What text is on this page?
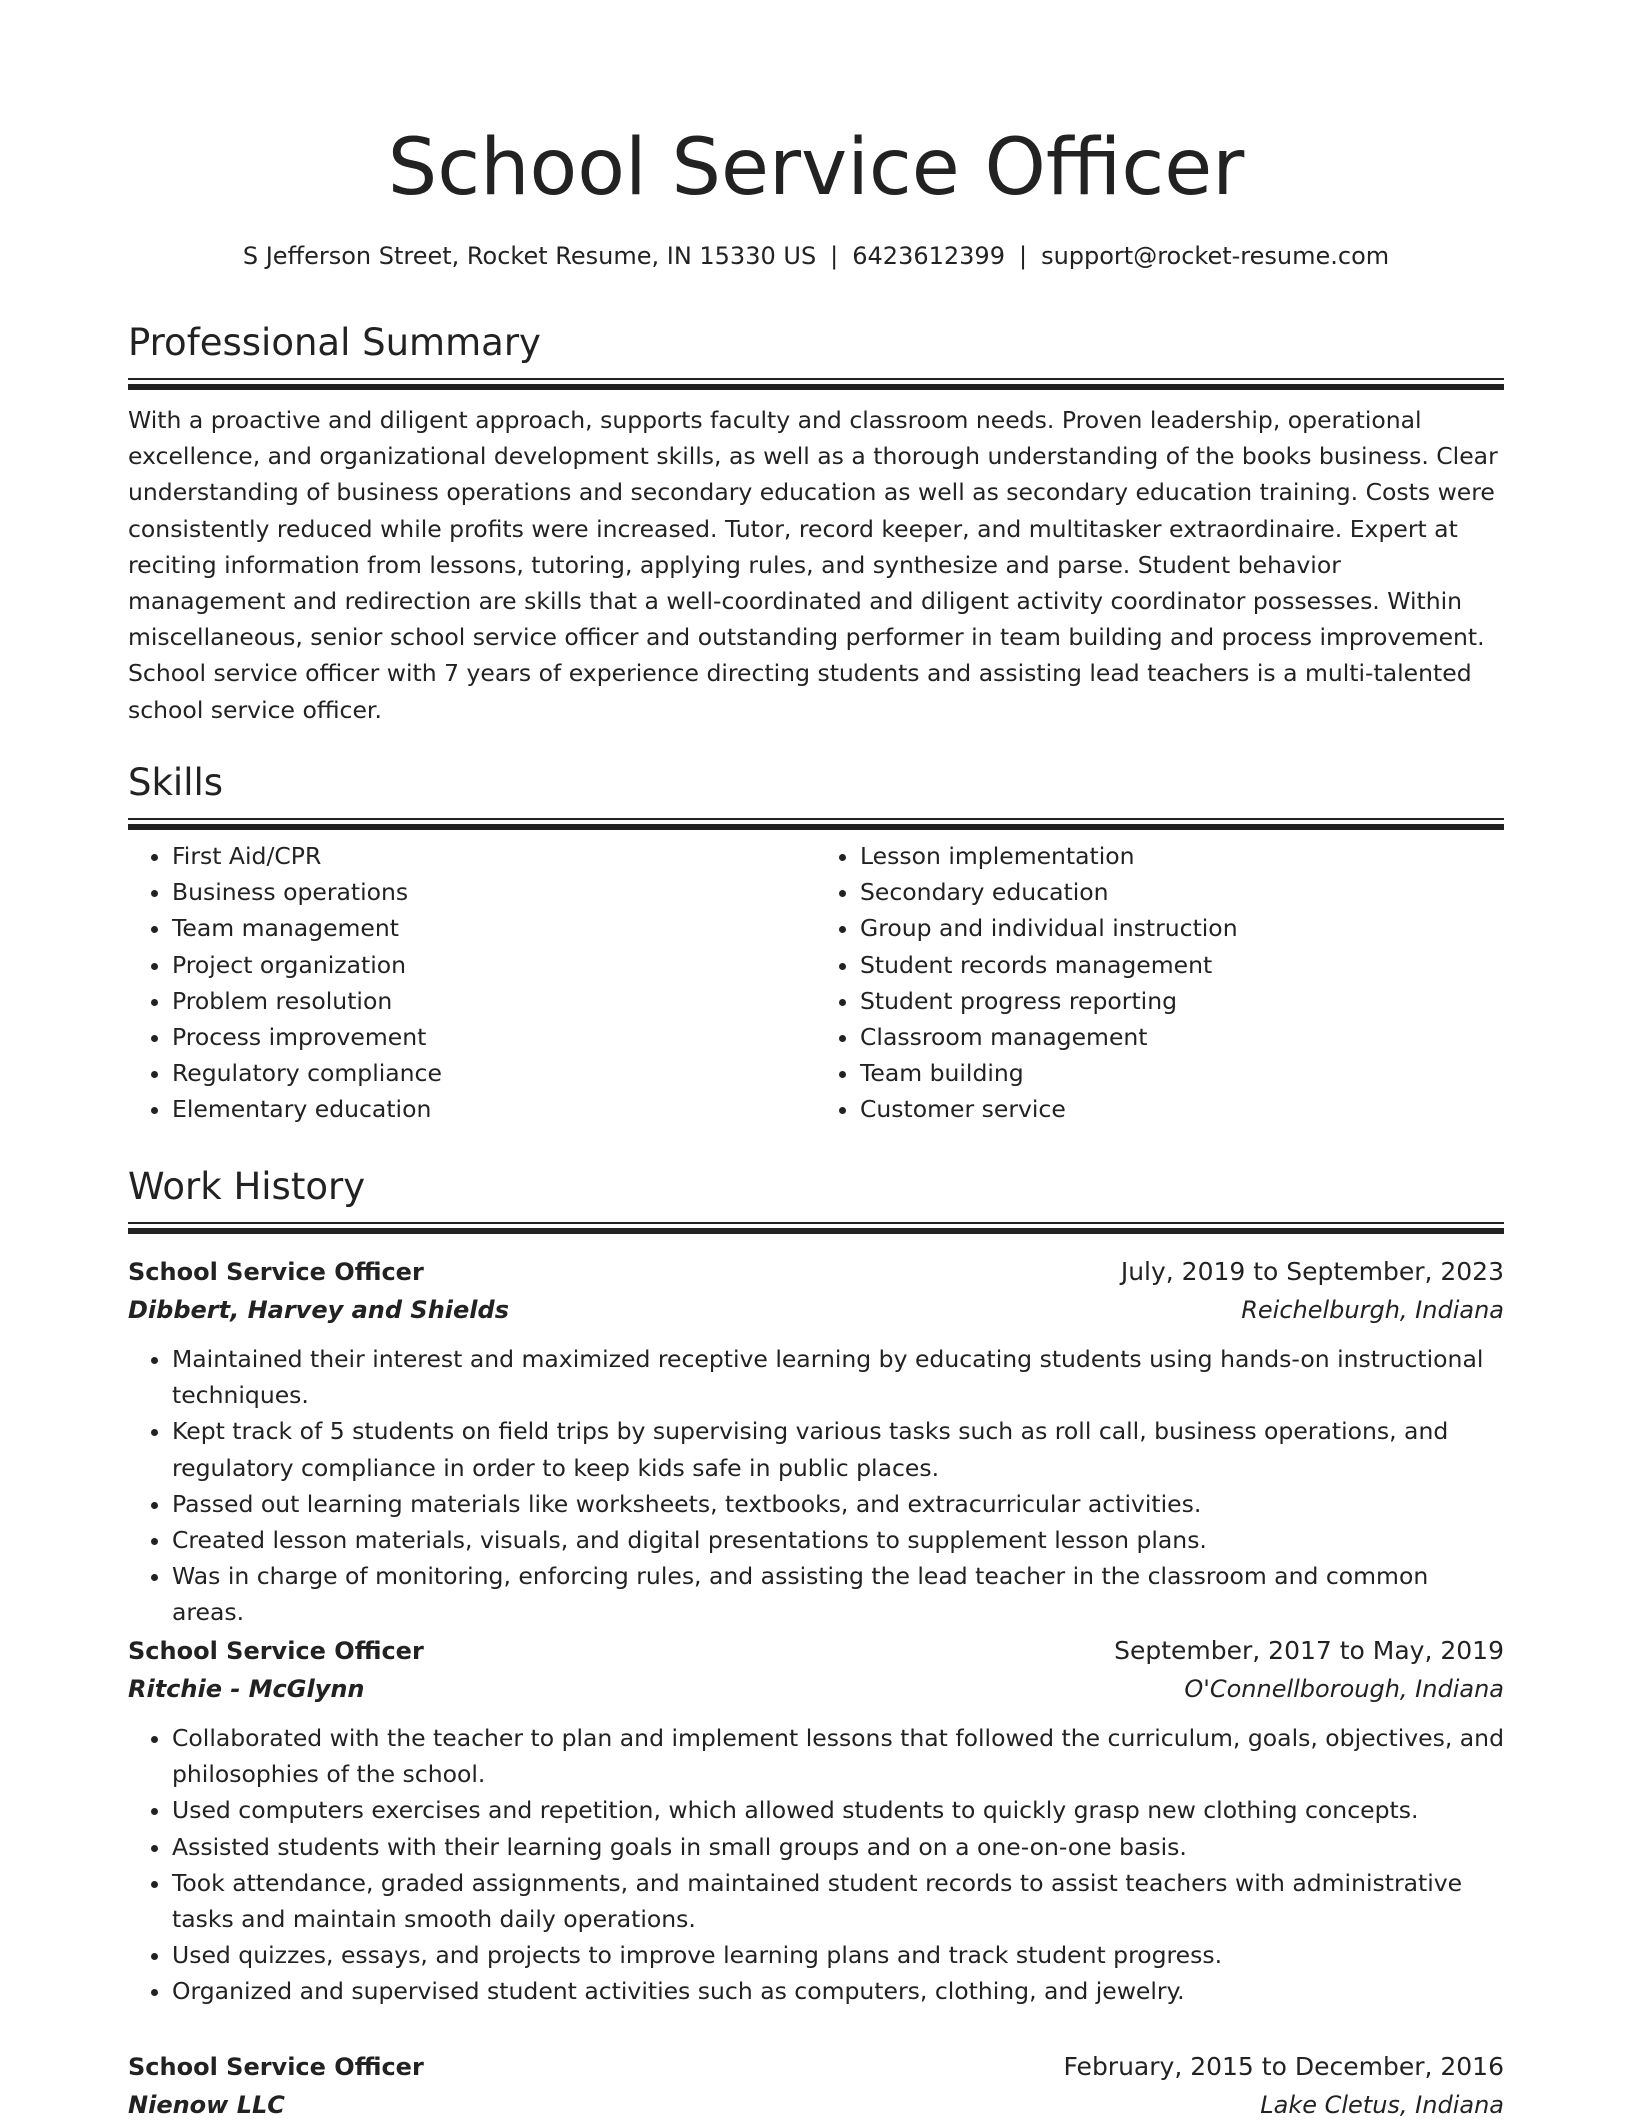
School Service Officer
S Jefferson Street, Rocket Resume, IN 15330 US | 6423612399 | support@rocket-resume.com
Professional Summary

With a proactive and diligent approach, supports faculty and classroom needs. Proven leadership, operational excellence, and organizational development skills, as well as a thorough understanding of the books business. Clear understanding of business operations and secondary education as well as secondary education training. Costs were consistently reduced while profits were increased. Tutor, record keeper, and multitasker extraordinaire. Expert at reciting information from lessons, tutoring, applying rules, and synthesize and parse. Student behavior management and redirection are skills that a well-coordinated and diligent activity coordinator possesses. Within miscellaneous, senior school service officer and outstanding performer in team building and process improvement. School service officer with 7 years of experience directing students and assisting lead teachers is a multi-talented school service officer.

Skills
• First Aid/CPR
• Business operations
• Team management
• Project organization
• Problem resolution
• Process improvement
• Regulatory compliance
• Elementary education
• Lesson implementation
• Secondary education
• Group and individual instruction
• Student records management
• Student progress reporting
• Classroom management
• Team building
• Customer service
Work History
School Service Officer	July, 2019 to September, 2023
Dibbert, Harvey and Shields	Reichelburgh, Indiana
• Maintained their interest and maximized receptive learning by educating students using hands-on instructional techniques.
• Kept track of 5 students on field trips by supervising various tasks such as roll call, business operations, and regulatory compliance in order to keep kids safe in public places.
• Passed out learning materials like worksheets, textbooks, and extracurricular activities.
• Created lesson materials, visuals, and digital presentations to supplement lesson plans.
• Was in charge of monitoring, enforcing rules, and assisting the lead teacher in the classroom and common areas.
School Service Officer	September, 2017 to May, 2019
Ritchie - McGlynn	O'Connellborough, Indiana
• Collaborated with the teacher to plan and implement lessons that followed the curriculum, goals, objectives, and philosophies of the school.
• Used computers exercises and repetition, which allowed students to quickly grasp new clothing concepts.
• Assisted students with their learning goals in small groups and on a one-on-one basis.
• Took attendance, graded assignments, and maintained student records to assist teachers with administrative tasks and maintain smooth daily operations.
• Used quizzes, essays, and projects to improve learning plans and track student progress.
• Organized and supervised student activities such as computers, clothing, and jewelry.
School Service Officer	February, 2015 to December, 2016
Nienow LLC	Lake Cletus, Indiana
